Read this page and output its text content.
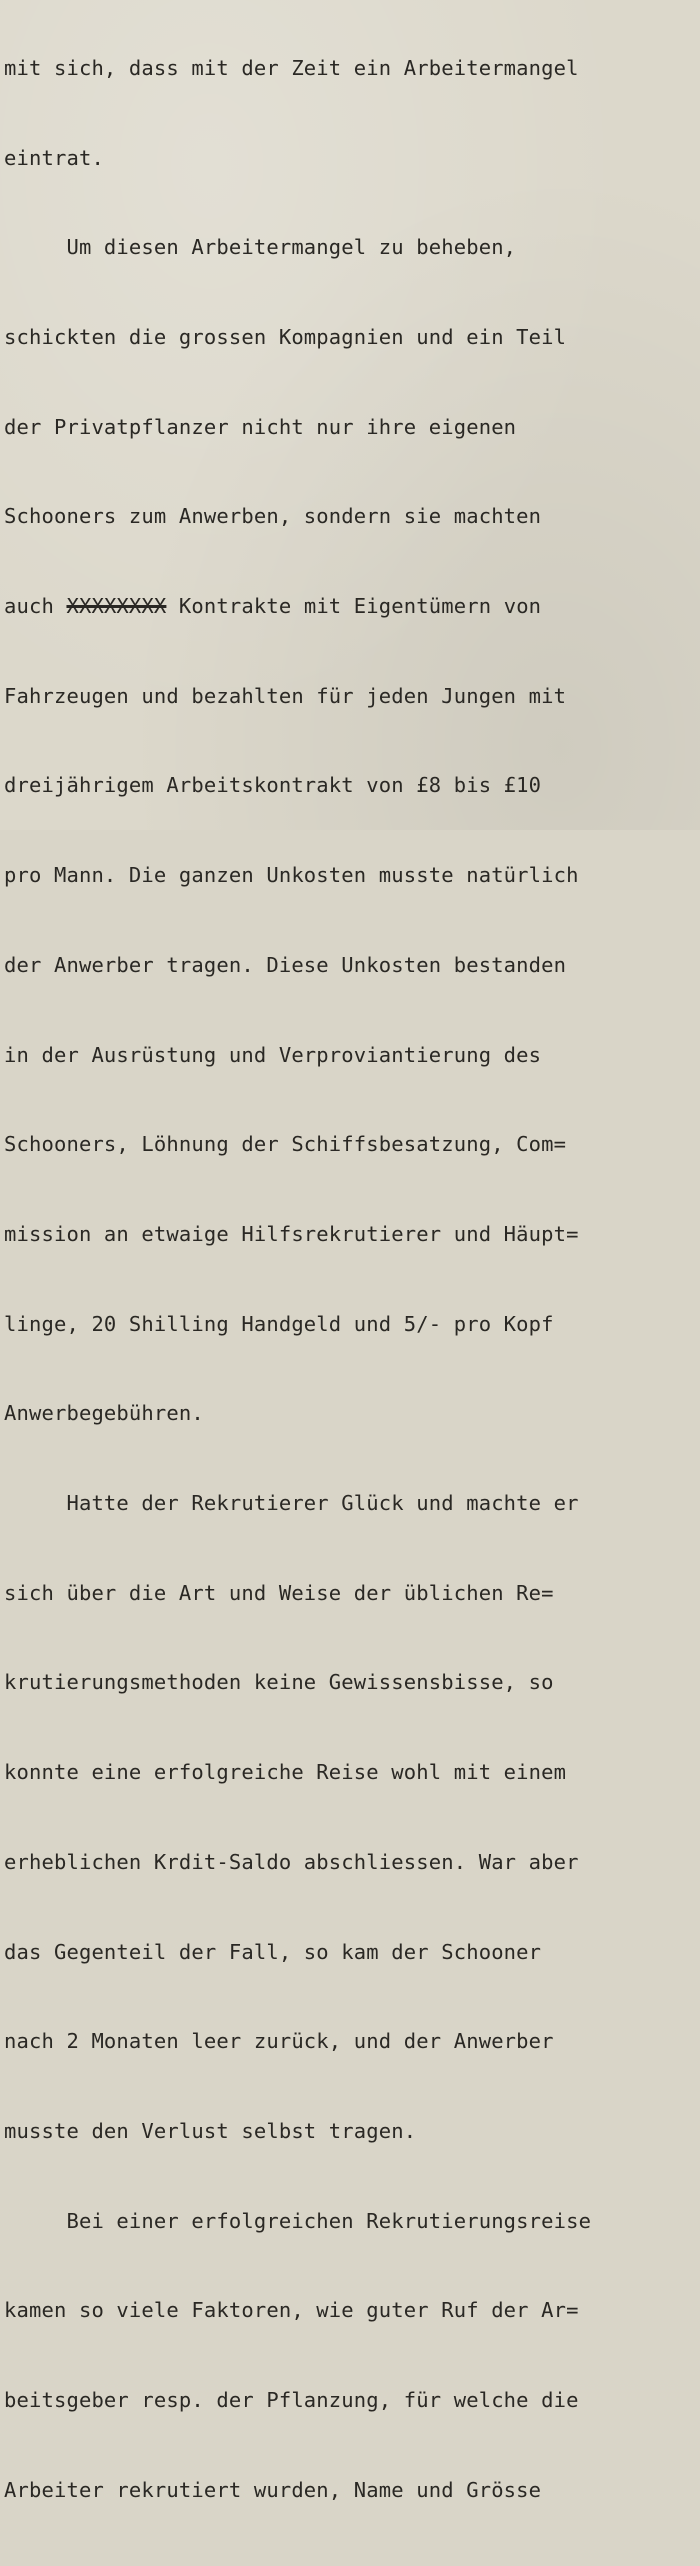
mit sich, dass mit der Zeit ein Arbeitermangel

eintrat.

Um diesen Arbeitermangel zu beheben,

schickten die grossen Kompagnien und ein Teil

der Privatpflanzer nicht nur ihre eigenen

Schooners zum Anwerben, sondern sie machten

auch XXXXXXXX Kontrakte mit Eigentümern von

Fahrzeugen und bezahlten für jeden Jungen mit

dreijährigem Arbeitskontrakt von £8 bis £10

pro Mann. Die ganzen Unkosten musste natürlich

der Anwerber tragen. Diese Unkosten bestanden

in der Ausrüstung und Verproviantierung des

Schooners, Löhnung der Schiffsbesatzung, Com=

mission an etwaige Hilfsrekrutierer und Häupt=

linge, 20 Shilling Handgeld und 5/- pro Kopf

Anwerbegebühren.

Hatte der Rekrutierer Glück und machte er

sich über die Art und Weise der üblichen Re=

krutierungsmethoden keine Gewissensbisse, so

konnte eine erfolgreiche Reise wohl mit einem

erheblichen Krdit-Saldo abschliessen. War aber

das Gegenteil der Fall, so kam der Schooner

nach 2 Monaten leer zurück, und der Anwerber

musste den Verlust selbst tragen.

Bei einer erfolgreichen Rekrutierungsreise

kamen so viele Faktoren, wie guter Ruf der Ar=

beitsgeber resp. der Pflanzung, für welche die

Arbeiter rekrutiert wurden, Name und Grösse
